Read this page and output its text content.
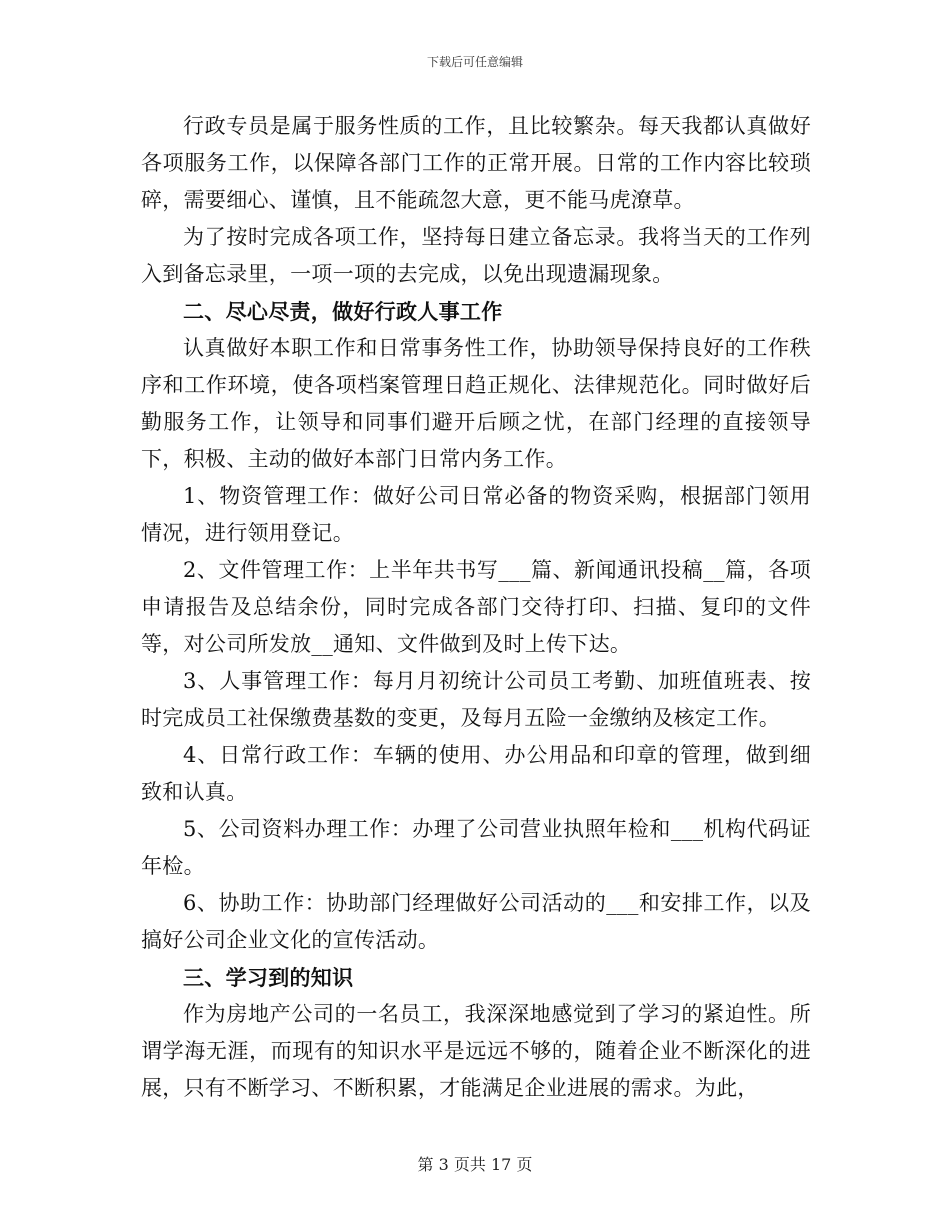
下载后可任意编辑

行政专员是属于服务性质的工作，且比较繁杂。每天我都认真做好各项服务工作，以保障各部门工作的正常开展。日常的工作内容比较琐碎，需要细心、谨慎，且不能疏忽大意，更不能马虎潦草。

为了按时完成各项工作，坚持每日建立备忘录。我将当天的工作列入到备忘录里，一项一项的去完成，以免出现遗漏现象。

二、尽心尽责，做好行政人事工作

认真做好本职工作和日常事务性工作，协助领导保持良好的工作秩序和工作环境，使各项档案管理日趋正规化、法律规范化。同时做好后勤服务工作，让领导和同事们避开后顾之忧，在部门经理的直接领导下，积极、主动的做好本部门日常内务工作。

1、物资管理工作：做好公司日常必备的物资采购，根据部门领用情况，进行领用登记。

2、文件管理工作：上半年共书写___篇、新闻通讯投稿__篇，各项申请报告及总结余份，同时完成各部门交待打印、扫描、复印的文件等，对公司所发放__通知、文件做到及时上传下达。

3、人事管理工作：每月月初统计公司员工考勤、加班值班表、按时完成员工社保缴费基数的变更，及每月五险一金缴纳及核定工作。

4、日常行政工作：车辆的使用、办公用品和印章的管理，做到细致和认真。

5、公司资料办理工作：办理了公司营业执照年检和___机构代码证年检。

6、协助工作：协助部门经理做好公司活动的___和安排工作，以及搞好公司企业文化的宣传活动。

三、学习到的知识

作为房地产公司的一名员工，我深深地感觉到了学习的紧迫性。所谓学海无涯，而现有的知识水平是远远不够的，随着企业不断深化的进展，只有不断学习、不断积累，才能满足企业进展的需求。为此，

第 3 页共 17 页
